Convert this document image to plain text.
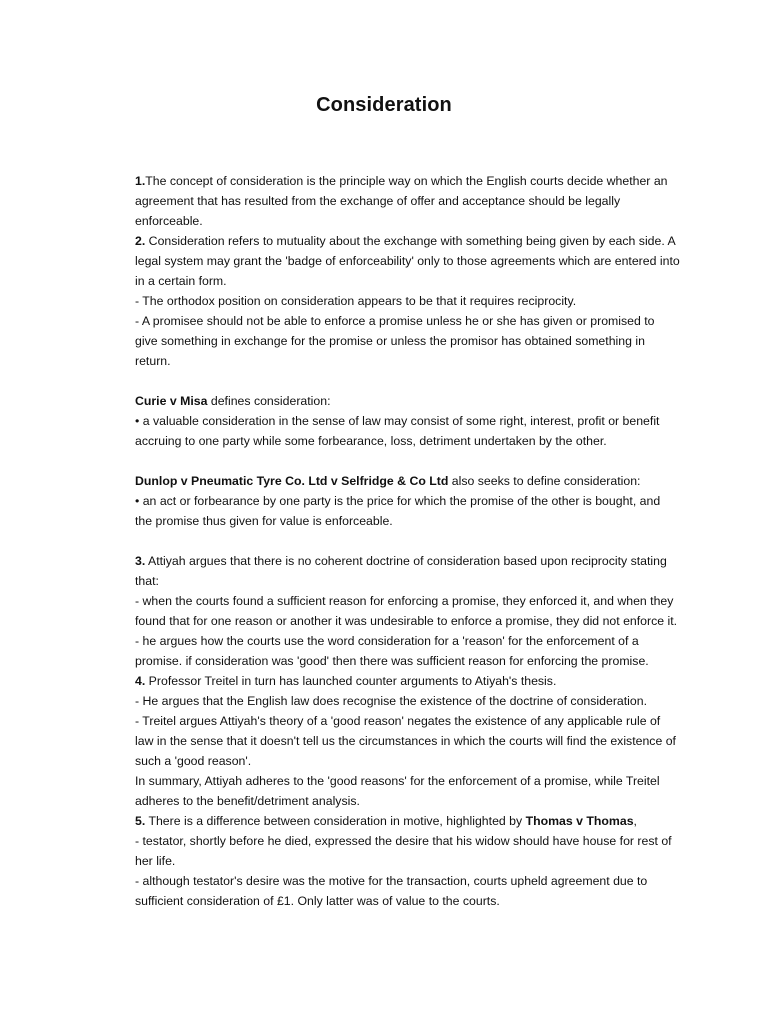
Consideration

1.The concept of consideration is the principle way on which the English courts decide whether an agreement that has resulted from the exchange of offer and acceptance should be legally enforceable.

2. Consideration refers to mutuality about the exchange with something being given by each side. A legal system may grant the 'badge of enforceability' only to those agreements which are entered into in a certain form.

- The orthodox position on consideration appears to be that it requires reciprocity.

- A promisee should not be able to enforce a promise unless he or she has given or promised to give something in exchange for the promise or unless the promisor has obtained something in return.

Curie v Misa defines consideration:

• a valuable consideration in the sense of law may consist of some right, interest, profit or benefit accruing to one party while some forbearance, loss, detriment undertaken by the other.

Dunlop v Pneumatic Tyre Co. Ltd v Selfridge & Co Ltd also seeks to define consideration:

• an act or forbearance by one party is the price for which the promise of the other is bought, and the promise thus given for value is enforceable.

3. Attiyah argues that there is no coherent doctrine of consideration based upon reciprocity stating that:

- when the courts found a sufficient reason for enforcing a promise, they enforced it, and when they found that for one reason or another it was undesirable to enforce a promise, they did not enforce it.

- he argues how the courts use the word consideration for a 'reason' for the enforcement of a promise. if consideration was 'good' then there was sufficient reason for enforcing the promise.

4. Professor Treitel in turn has launched counter arguments to Atiyah's thesis.

- He argues that the English law does recognise the existence of the doctrine of consideration.

- Treitel argues Attiyah's theory of a 'good reason' negates the existence of any applicable rule of law in the sense that it doesn't tell us the circumstances in which the courts will find the existence of such a 'good reason'.

In summary, Attiyah adheres to the 'good reasons' for the enforcement of a promise, while Treitel adheres to the benefit/detriment analysis.

5. There is a difference between consideration in motive, highlighted by Thomas v Thomas,

- testator, shortly before he died, expressed the desire that his widow should have house for rest of her life.

- although testator's desire was the motive for the transaction, courts upheld agreement due to sufficient consideration of £1. Only latter was of value to the courts.
